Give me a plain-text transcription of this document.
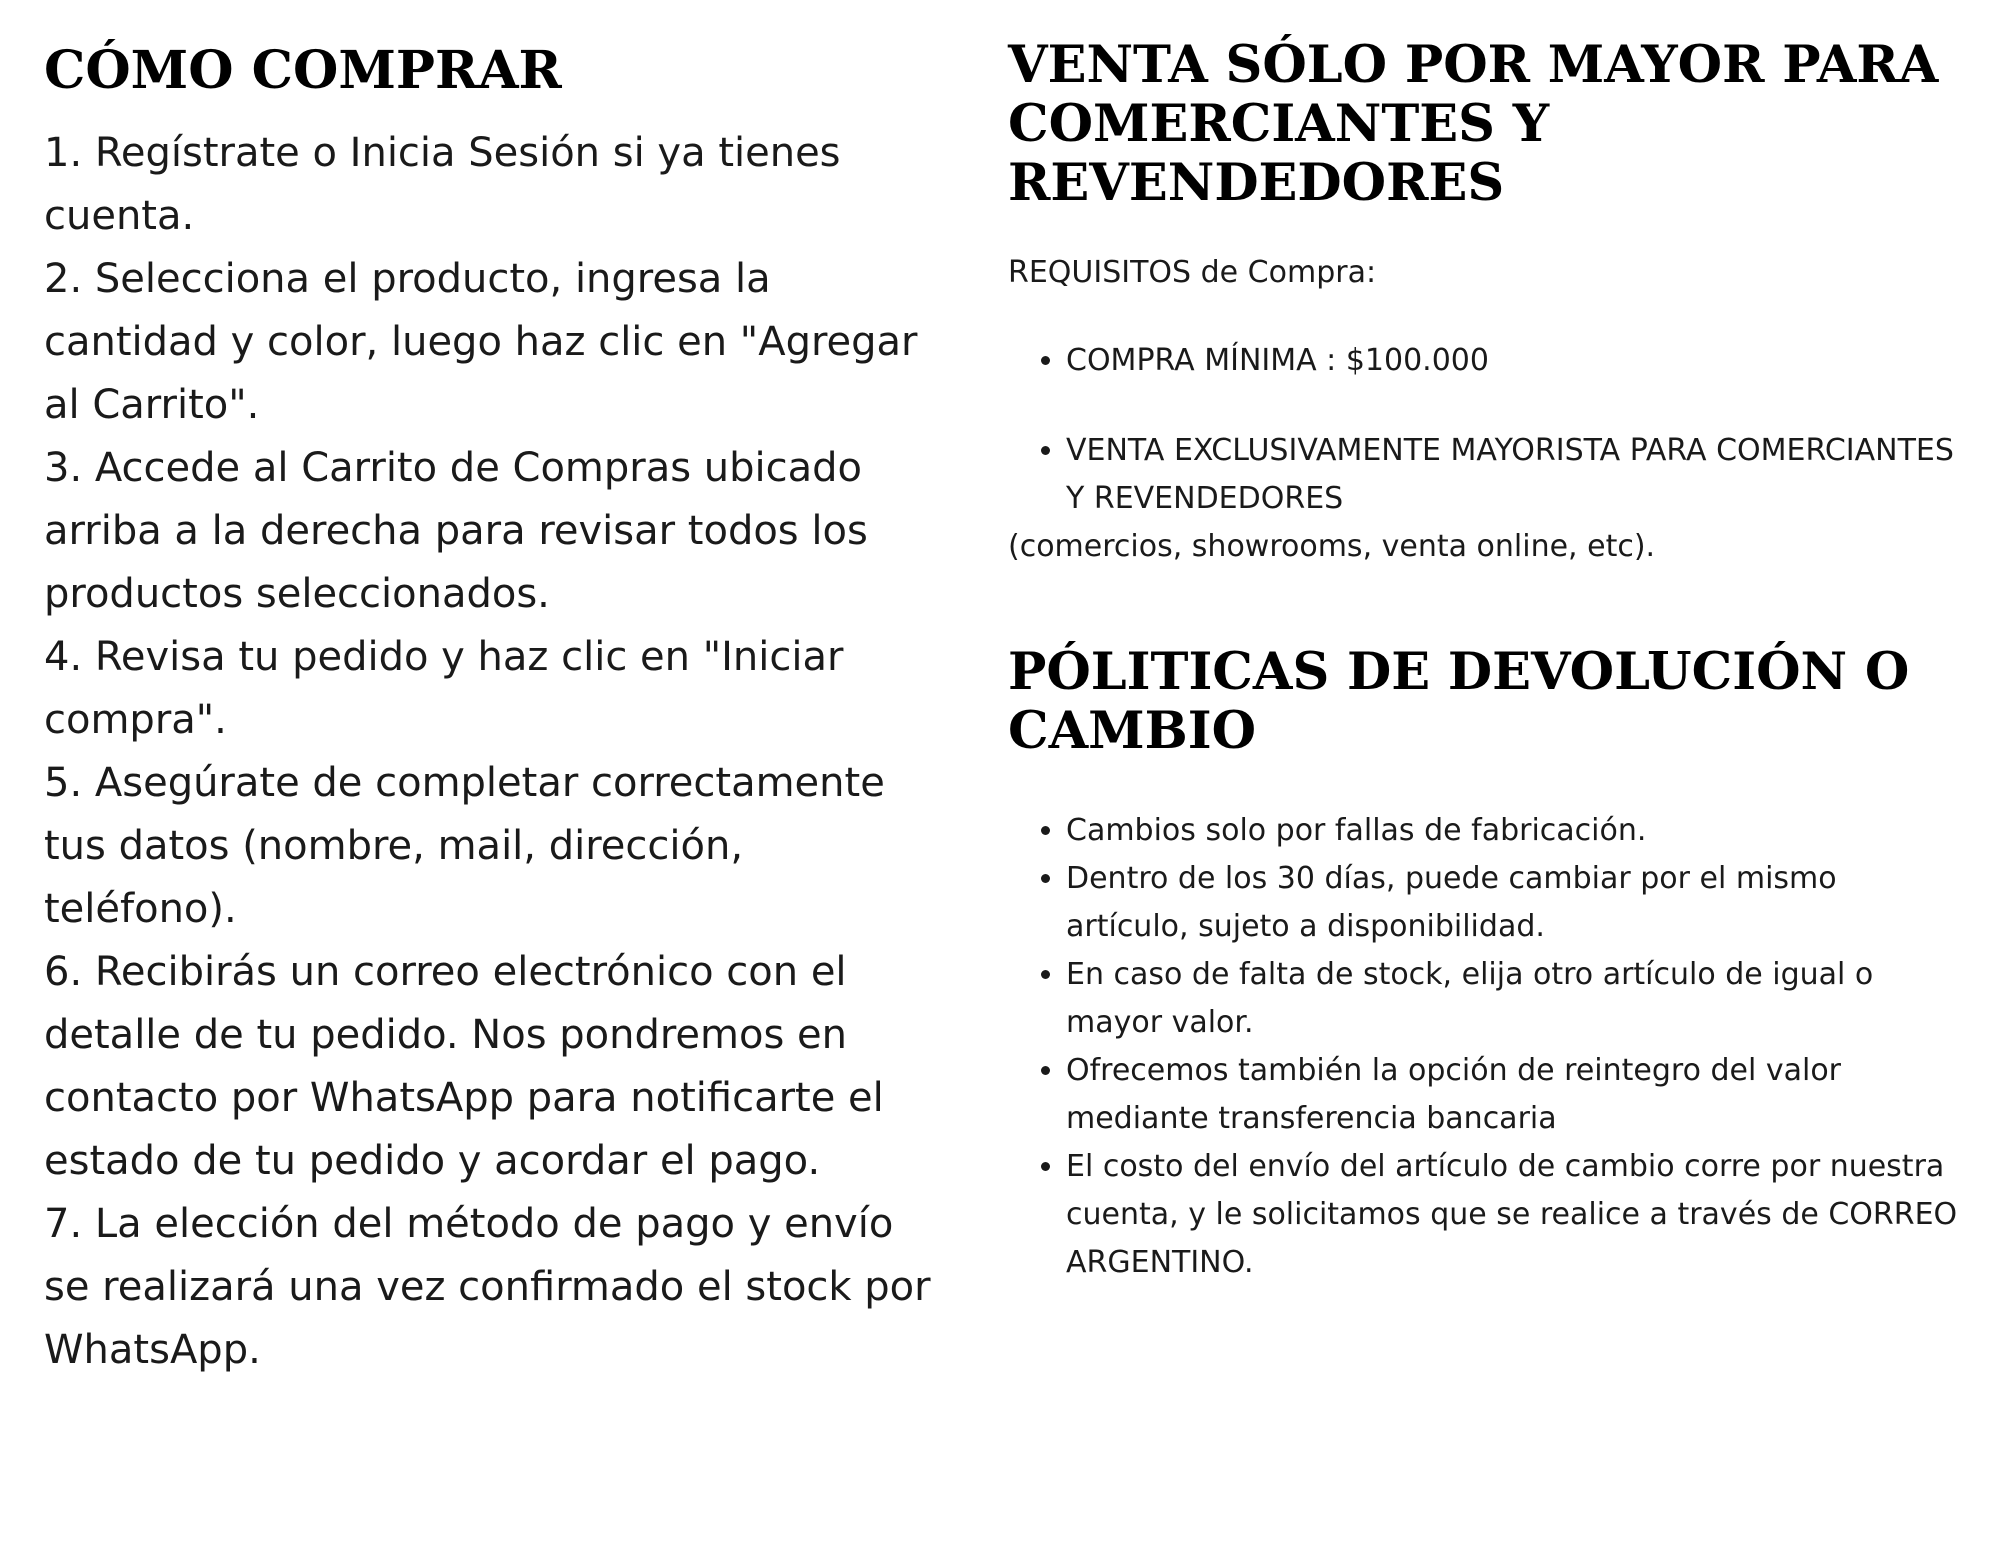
CÓMO COMPRAR

1. Regístrate o Inicia Sesión si ya tienes cuenta.

2. Selecciona el producto, ingresa la cantidad y color, luego haz clic en "Agregar al Carrito".

3. Accede al Carrito de Compras ubicado arriba a la derecha para revisar todos los productos seleccionados.

4. Revisa tu pedido y haz clic en "Iniciar compra".

5. Asegúrate de completar correctamente tus datos (nombre, mail, dirección, teléfono).

6. Recibirás un correo electrónico con el detalle de tu pedido. Nos pondremos en contacto por WhatsApp para notificarte el estado de tu pedido y acordar el pago.

7. La elección del método de pago y envío se realizará una vez confirmado el stock por WhatsApp.

VENTA SÓLO POR MAYOR PARA COMERCIANTES Y REVENDEDORES
REQUISITOS de Compra:
• COMPRA MÍNIMA : $100.000
• VENTA EXCLUSIVAMENTE MAYORISTA PARA COMERCIANTES Y REVENDEDORES

(comercios, showrooms, venta online, etc).

PÓLITICAS DE DEVOLUCIÓN O CAMBIO
• Cambios solo por fallas de fabricación.
• Dentro de los 30 días, puede cambiar por el mismo artículo, sujeto a disponibilidad.
• En caso de falta de stock, elija otro artículo de igual o mayor valor.
• Ofrecemos también la opción de reintegro del valor mediante transferencia bancaria
• El costo del envío del artículo de cambio corre por nuestra cuenta, y le solicitamos que se realice a través de CORREO ARGENTINO.
